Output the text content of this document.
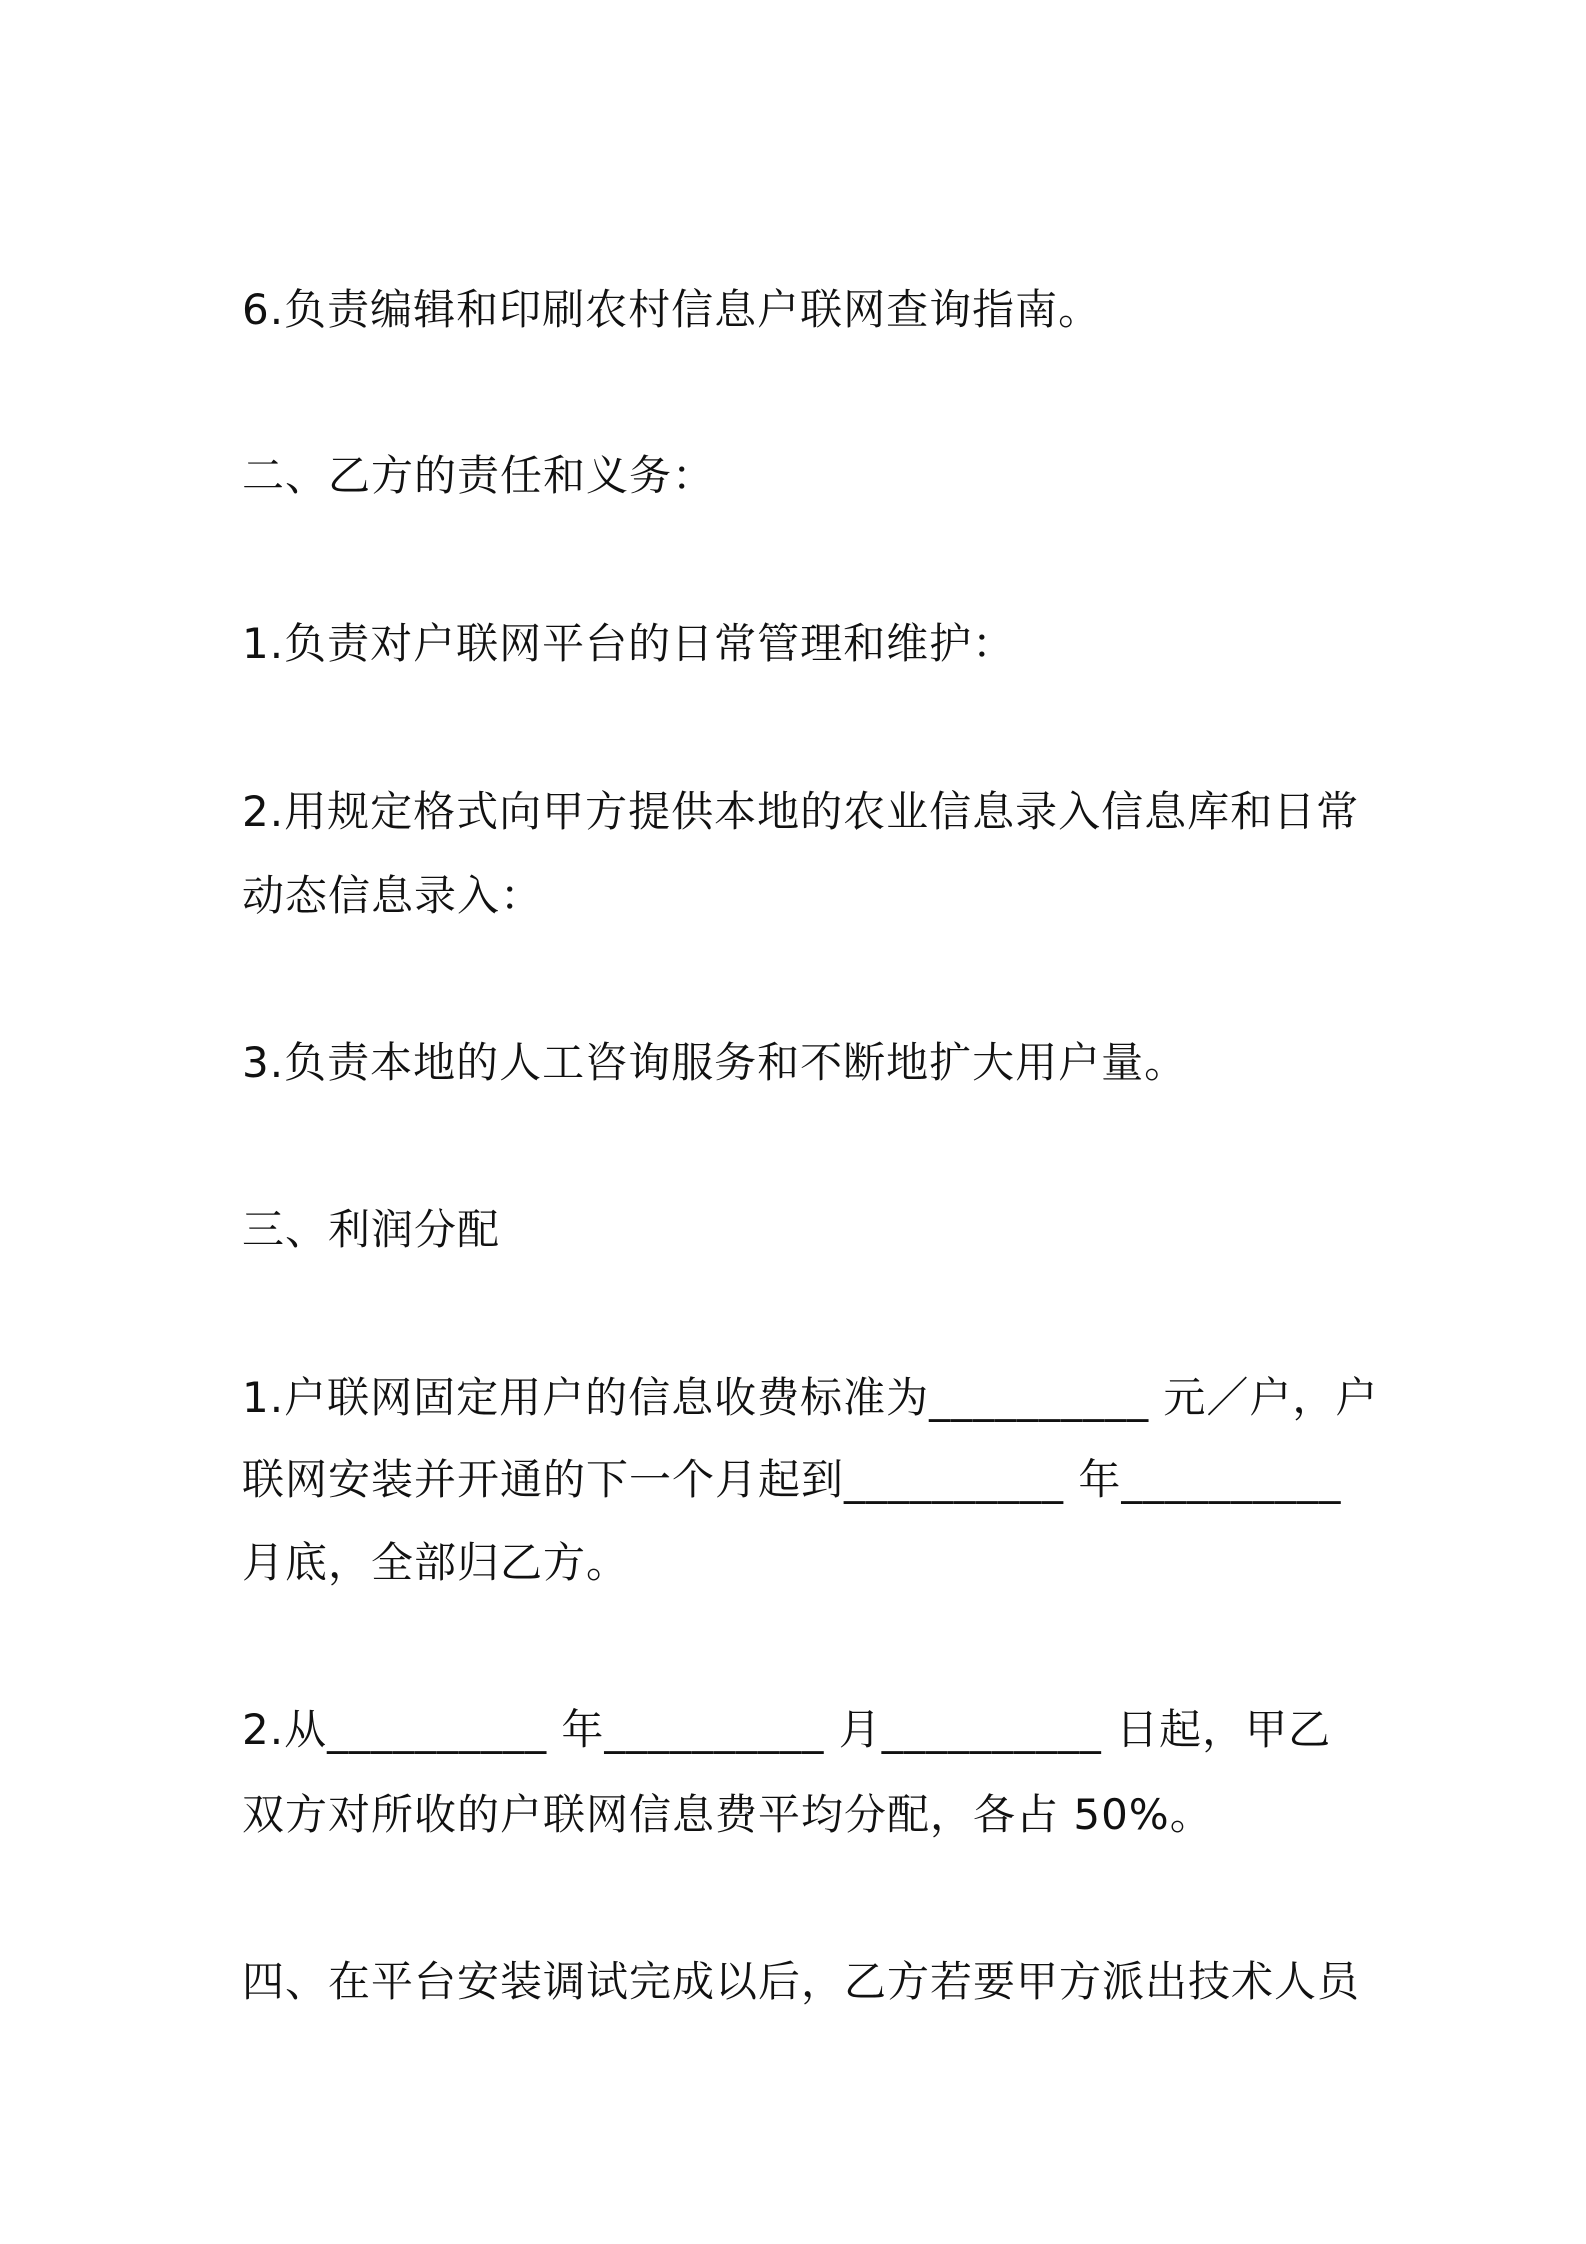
6.负责编辑和印刷农村信息户联网查询指南。
二、乙方的责任和义务：
1.负责对户联网平台的日常管理和维护：
2.用规定格式向甲方提供本地的农业信息录入信息库和日常
动态信息录入：
3.负责本地的人工咨询服务和不断地扩大用户量。
三、利润分配
1.户联网固定用户的信息收费标准为__________ 元／户，户
联网安装并开通的下一个月起到__________ 年__________
月底，全部归乙方。
2.从__________ 年__________ 月__________ 日起，甲乙
双方对所收的户联网信息费平均分配，各占 50%。
四、在平台安装调试完成以后，乙方若要甲方派出技术人员
